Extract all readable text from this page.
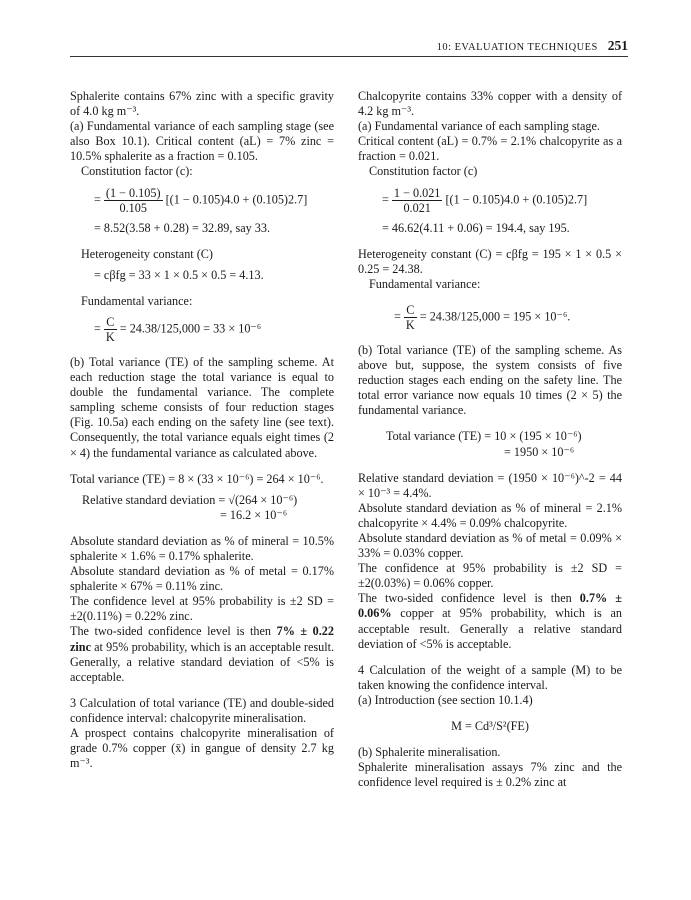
10: EVALUATION TECHNIQUES 251

Sphalerite contains 67% zinc with a specific gravity of 4.0 kg m⁻³.

(a) Fundamental variance of each sampling stage (see also Box 10.1). Critical content (aL) = 7% zinc = 10.5% sphalerite as a fraction = 0.105.

Constitution factor (c):

= $\frac{(1 - 0.105)}{0.105} [(1 - 0.105)4.0 + (0.105)2.7]$

= 8.52(3.58 + 0.28) = 32.89, say 33.

Heterogeneity constant (C)

= cβfg = 33 × 1 × 0.5 × 0.5 = 4.13.

Fundamental variance:

= $\frac{C}{K} = 24.38/125,000 = 33 \times 10^{-6}$

(b) Total variance (TE) of the sampling scheme. At each reduction stage the total variance is equal to double the fundamental variance. The complete sampling scheme consists of four reduction stages (Fig. 10.5a) each ending on the safety line (see text). Consequently, the total variance equals eight times (2 × 4) the fundamental variance as calculated above.

Total variance (TE) = 8 × (33 × 10⁻⁶) = 264 × 10⁻⁶.

Relative standard deviation = √(264 × 10⁻⁶)

= 16.2 × 10⁻⁶

Absolute standard deviation as % of mineral = 10.5% sphalerite × 1.6% = 0.17% sphalerite.

Absolute standard deviation as % of metal = 0.17% sphalerite × 67% = 0.11% zinc.

The confidence level at 95% probability is ±2 SD = ±2(0.11%) = 0.22% zinc.

The two-sided confidence level is then 7% ± 0.22 zinc at 95% probability, which is an acceptable result. Generally, a relative standard deviation of <5% is acceptable.

3 Calculation of total variance (TE) and double-sided confidence interval: chalcopyrite mineralisation.

A prospect contains chalcopyrite mineralisation of grade 0.7% copper (x̄) in gangue of density 2.7 kg m⁻³.

Chalcopyrite contains 33% copper with a density of 4.2 kg m⁻³.

(a) Fundamental variance of each sampling stage.

Critical content (aL) = 0.7% = 2.1% chalcopyrite as a fraction = 0.021.

Constitution factor (c)

= $\frac{1 - 0.021}{0.021} [(1 - 0.105)4.0 + (0.105)2.7]$

= 46.62(4.11 + 0.06) = 194.4, say 195.

Heterogeneity constant (C) = cβfg = 195 × 1 × 0.5 × 0.25 = 24.38.

Fundamental variance:

= $\frac{C}{K} = 24.38/125,000 = 195 \times 10^{-6}$.

(b) Total variance (TE) of the sampling scheme. As above but, suppose, the system consists of five reduction stages each ending on the safety line. The total error variance now equals 10 times (2 × 5) the fundamental variance.

Total variance (TE) = 10 × (195 × 10⁻⁶)

= 1950 × 10⁻⁶

Relative standard deviation = (1950 × 10⁻⁶)^-2 = 44 × 10⁻³ = 4.4%.

Absolute standard deviation as % of mineral = 2.1% chalcopyrite × 4.4% = 0.09% chalcopyrite.

Absolute standard deviation as % of metal = 0.09% × 33% = 0.03% copper.

The confidence at 95% probability is ±2 SD = ±2(0.03%) = 0.06% copper.

The two-sided confidence level is then 0.7% ± 0.06% copper at 95% probability, which is an acceptable result. Generally a relative standard deviation of <5% is acceptable.

4 Calculation of the weight of a sample (M) to be taken knowing the confidence interval.

(a) Introduction (see section 10.1.4)

M = Cd³/S²(FE)

(b) Sphalerite mineralisation.

Sphalerite mineralisation assays 7% zinc and the confidence level required is ± 0.2% zinc at
